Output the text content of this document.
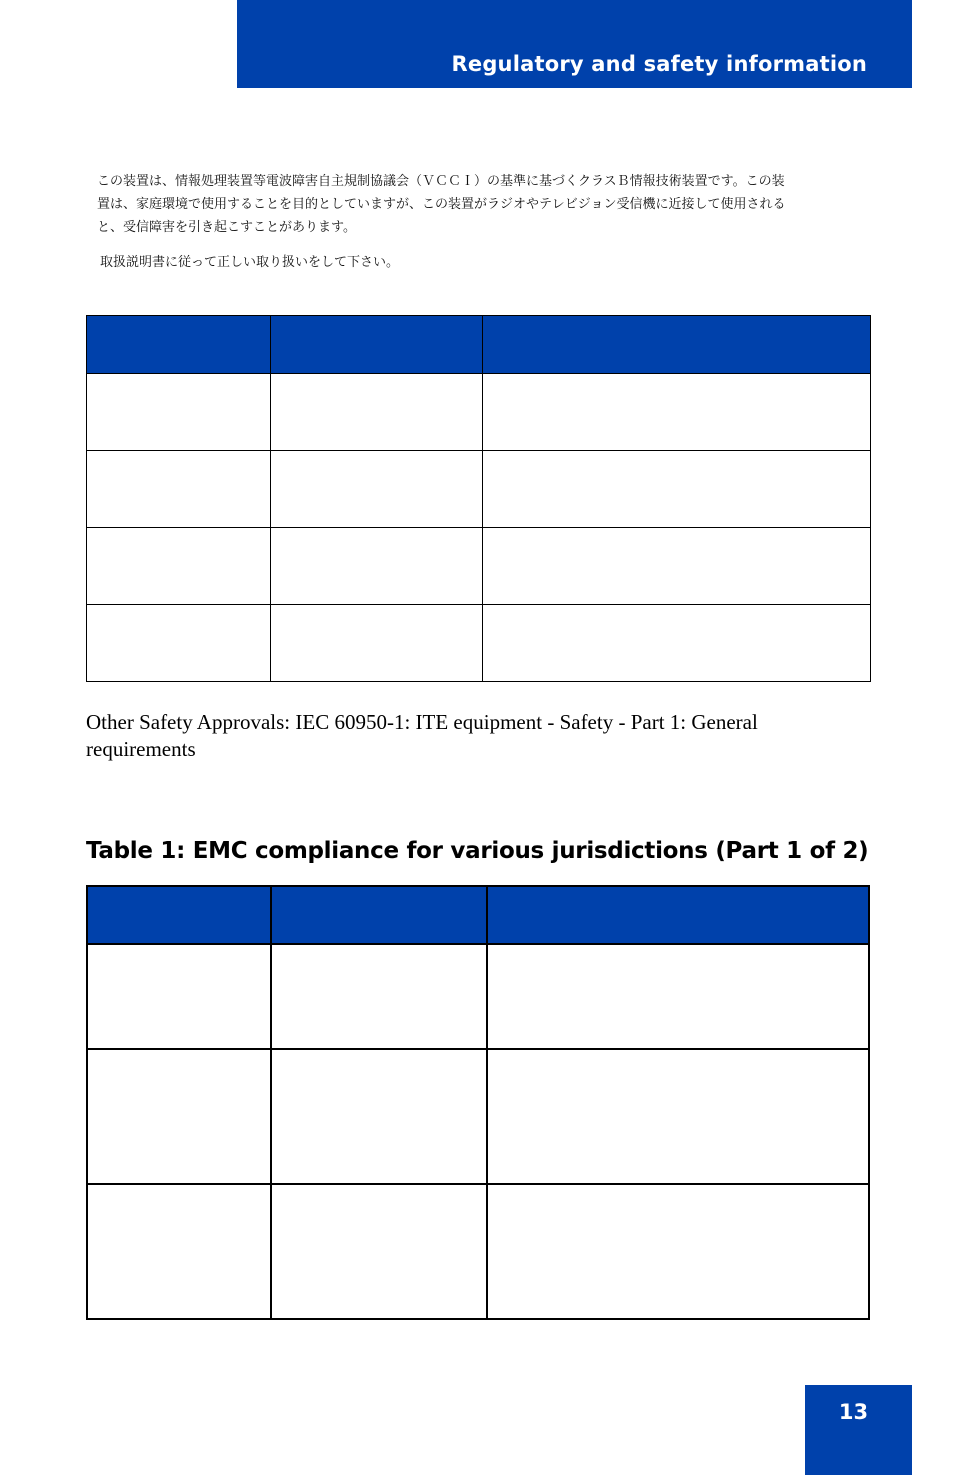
Regulatory and safety information
この装置は、情報処理装置等電波障害自主規制協議会（ＶＣＣＩ）の基準に基づくクラスＢ情報技術装置です。この装
置は、家庭環境で使用することを目的としていますが、この装置がラジオやテレビジョン受信機に近接して使用される
と、受信障害を引き起こすことがあります。
取扱説明書に従って正しい取り扱いをして下さい。

Other Safety Approvals: IEC 60950-1: ITE equipment - Safety - Part 1: General requirements
Table 1: EMC compliance for various jurisdictions (Part 1 of 2)

13
